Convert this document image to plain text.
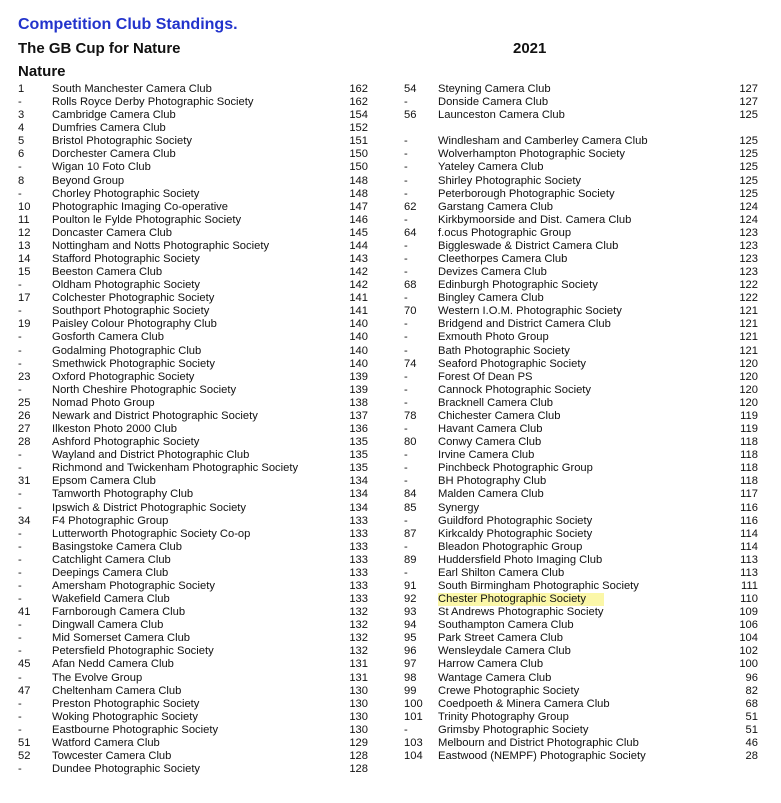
Competition Club Standings.
The GB Cup for Nature	2021
Nature
1 South Manchester Camera Club	162
-	Rolls Royce Derby Photographic Society	162
3 Cambridge Camera Club	154
4 Dumfries Camera Club	152
5 Bristol Photographic Society	151
6 Dorchester Camera Club	150
-	Wigan 10 Foto Club	150
8 Beyond Group	148
-	Chorley Photographic Society	148
10 Photographic Imaging Co-operative	147
11 Poulton le Fylde Photographic Society	146
12 Doncaster Camera Club	145
13 Nottingham and Notts Photographic Society	144
14 Stafford Photographic Society	143
15 Beeston Camera Club	142
-	Oldham Photographic Society	142
17 Colchester Photographic Society	141
-	Southport Photographic Society	141
19 Paisley Colour Photography Club	140
-	Gosforth Camera Club	140
-	Godalming Photographic Club	140
-	Smethwick Photographic Society	140
23 Oxford Photographic Society	139
-	North Cheshire Photographic Society	139
25 Nomad Photo Group	138
26 Newark and District Photographic Society	137
27 Ilkeston Photo 2000 Club	136
28 Ashford Photographic Society	135
-	Wayland and District Photographic Club	135
-	Richmond and Twickenham Photographic Society	135
31 Epsom Camera Club	134
-	Tamworth Photography Club	134
-	Ipswich & District Photographic Society	134
34 F4 Photographic Group	133
-	Lutterworth Photographic Society Co-op	133
-	Basingstoke Camera Club	133
-	Catchlight Camera Club	133
-	Deepings Camera Club	133
-	Amersham Photographic Society	133
-	Wakefield Camera Club	133
41 Farnborough Camera Club	132
-	Dingwall Camera Club	132
-	Mid Somerset Camera Club	132
-	Petersfield Photographic Society	132
45 Afan Nedd Camera Club	131
-	The Evolve Group	131
47 Cheltenham Camera Club	130
-	Preston Photographic Society	130
-	Woking Photographic Society	130
-	Eastbourne Photographic Society	130
51 Watford Camera Club	129
52 Towcester Camera Club	128
-	Dundee Photographic Society	128
54 Steyning Camera Club	127
-	Donside Camera Club	127
56 Launceston Camera Club	125
-	Windlesham and Camberley Camera Club	125
-	Wolverhampton Photographic Society	125
-	Yateley Camera Club	125
-	Shirley Photographic Society	125
-	Peterborough Photographic Society	125
62 Garstang Camera Club	124
-	Kirkbymoorside and Dist. Camera Club	124
64 f.ocus Photographic Group	123
-	Biggleswade & District Camera Club	123
-	Cleethorpes Camera Club	123
-	Devizes Camera Club	123
68 Edinburgh Photographic Society	122
-	Bingley Camera Club	122
70 Western I.O.M. Photographic Society	121
-	Bridgend and District Camera Club	121
-	Exmouth Photo Group	121
-	Bath Photographic Society	121
74 Seaford Photographic Society	120
-	Forest Of Dean PS	120
-	Cannock Photographic Society	120
-	Bracknell Camera Club	120
78 Chichester Camera Club	119
-	Havant Camera Club	119
80 Conwy Camera Club	118
-	Irvine Camera Club	118
-	Pinchbeck Photographic Group	118
-	BH Photography Club	118
84 Malden Camera Club	117
85 Synergy	116
-	Guildford Photographic Society	116
87 Kirkcaldy Photographic Society	114
-	Bleadon Photographic Group	114
89 Huddersfield Photo Imaging Club	113
-	Earl Shilton Camera Club	113
91 South Birmingham Photographic Society	111
92 Chester Photographic Society	110
93 St Andrews Photographic Society	109
94 Southampton Camera Club	106
95 Park Street Camera Club	104
96 Wensleydale Camera Club	102
97 Harrow Camera Club	100
98 Wantage Camera Club	96
99 Crewe Photographic Society	82
100 Coedpoeth & Minera Camera Club	68
101 Trinity Photography Group	51
-	Grimsby Photographic Society	51
103 Melbourn and District Photographic Club	46
104 Eastwood (NEMPF) Photographic Society	28
